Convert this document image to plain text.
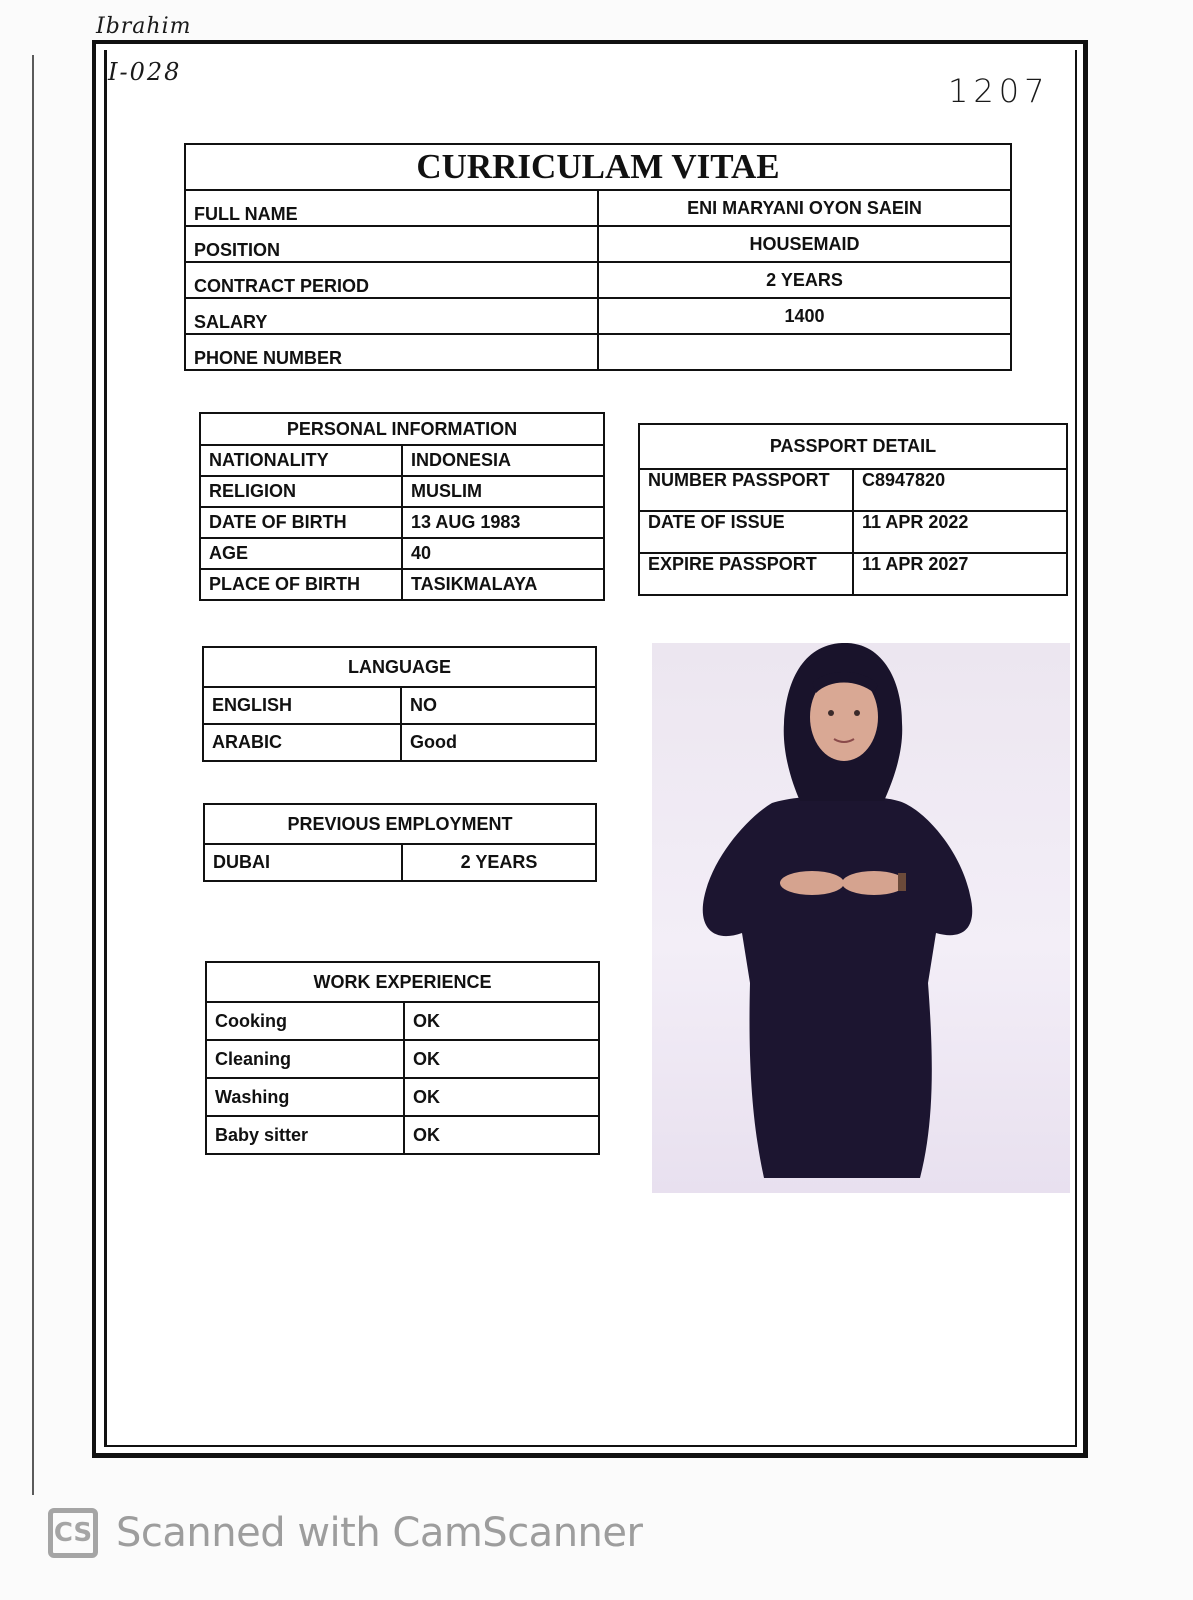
Ibrahim
I-028	1207
CURRICULAM VITAE	
FULL NAME	ENI MARYANI OYON SAEIN
POSITION	HOUSEMAID
CONTRACT PERIOD	2 YEARS
SALARY	1400
PHONE NUMBER	
PERSONAL INFORMATION	
NATIONALITY	INDONESIA
RELIGION	MUSLIM
DATE OF BIRTH	13 AUG 1983
AGE	40
PLACE OF BIRTH	TASIKMALAYA
PASSPORT DETAIL	
NUMBER PASSPORT	C8947820
DATE OF ISSUE	11 APR 2022
EXPIRE PASSPORT	11 APR 2027
LANGUAGE	
ENGLISH	NO
ARABIC	Good
PREVIOUS EMPLOYMENT
DUBAI	2 YEARS
WORK EXPERIENCE	
Cooking	OK
Cleaning	OK
Washing	OK
Baby sitter	OK
CS Scanned with CamScanner
